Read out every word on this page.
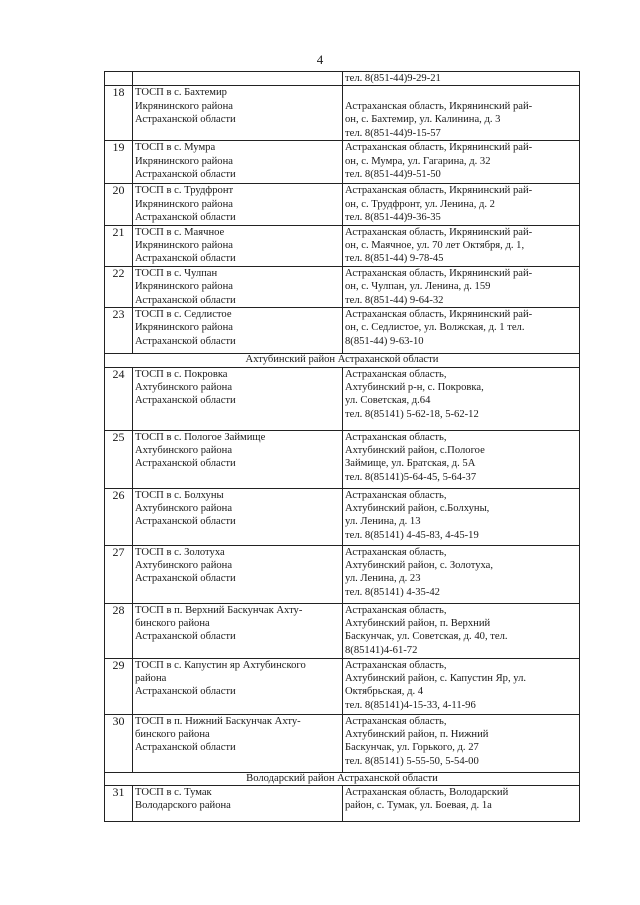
4

		тел. 8(851-44)9-29-21

18	ТОСП в с. Бахтемир
Икрянинского района
Астраханской области	Астраханская область, Икрянинский рай-
он, с. Бахтемир, ул. Калинина, д. 3
тел. 8(851-44)9-15-57

19	ТОСП в с. Мумра
Икрянинского района
Астраханской области	Астраханская область, Икрянинский рай-
он, с. Мумра, ул. Гагарина, д. 32
тел. 8(851-44)9-51-50

20	ТОСП в с. Трудфронт
Икрянинского района
Астраханской области	Астраханская область, Икрянинский рай-
он, с. Трудфронт, ул. Ленина, д. 2
тел. 8(851-44)9-36-35

21	ТОСП в с. Маячное
Икрянинского района
Астраханской области	Астраханская область, Икрянинский рай-
он, с. Маячное, ул. 70 лет Октября, д. 1,
тел. 8(851-44) 9-78-45

22	ТОСП в с. Чулпан
Икрянинского района
Астраханской области	Астраханская область, Икрянинский рай-
он, с. Чулпан, ул. Ленина, д. 159
тел. 8(851-44) 9-64-32

23	ТОСП в с. Седлистое
Икрянинского района
Астраханской области	Астраханская область, Икрянинский рай-
он, с. Седлистое, ул. Волжская, д. 1 тел.
8(851-44) 9-63-10

Ахтубинский район Астраханской области		
24	ТОСП в с. Покровка
Ахтубинского района
Астраханской области	Астраханская область,
Ахтубинский р-н, с. Покровка,
ул. Советская, д.64
тел. 8(85141) 5-62-18, 5-62-12

25	ТОСП в с. Пологое Займище
Ахтубинского района
Астраханской области	Астраханская область,
Ахтубинский район, с.Пологое
Займище, ул. Братская, д. 5А
тел. 8(85141)5-64-45, 5-64-37

26	ТОСП в с. Болхуны
Ахтубинского района
Астраханской области	Астраханская область,
Ахтубинский район, с.Болхуны,
ул. Ленина, д. 13
тел. 8(85141) 4-45-83, 4-45-19

27	ТОСП в с. Золотуха
Ахтубинского района
Астраханской области	Астраханская область,
Ахтубинский район, с. Золотуха,
ул. Ленина, д. 23
тел. 8(85141) 4-35-42

28	ТОСП в п. Верхний Баскунчак Ахту-
бинского района
Астраханской области	Астраханская область,
Ахтубинский район, п. Верхний
Баскунчак, ул. Советская, д. 40, тел.
8(85141)4-61-72

29	ТОСП в с. Капустин яр Ахтубинского
района
Астраханской области	Астраханская область,
Ахтубинский район, с. Капустин Яр, ул.
Октябрьская, д. 4
тел. 8(85141)4-15-33, 4-11-96

30	ТОСП в п. Нижний Баскунчак Ахту-
бинского района
Астраханской области	Астраханская область,
Ахтубинский район, п. Нижний
Баскунчак, ул. Горького, д. 27
тел. 8(85141) 5-55-50, 5-54-00

Володарский район Астраханской области		
31	ТОСП в с. Тумак
Володарского района	Астраханская область, Володарский
район, с. Тумак, ул. Боевая, д. 1а
